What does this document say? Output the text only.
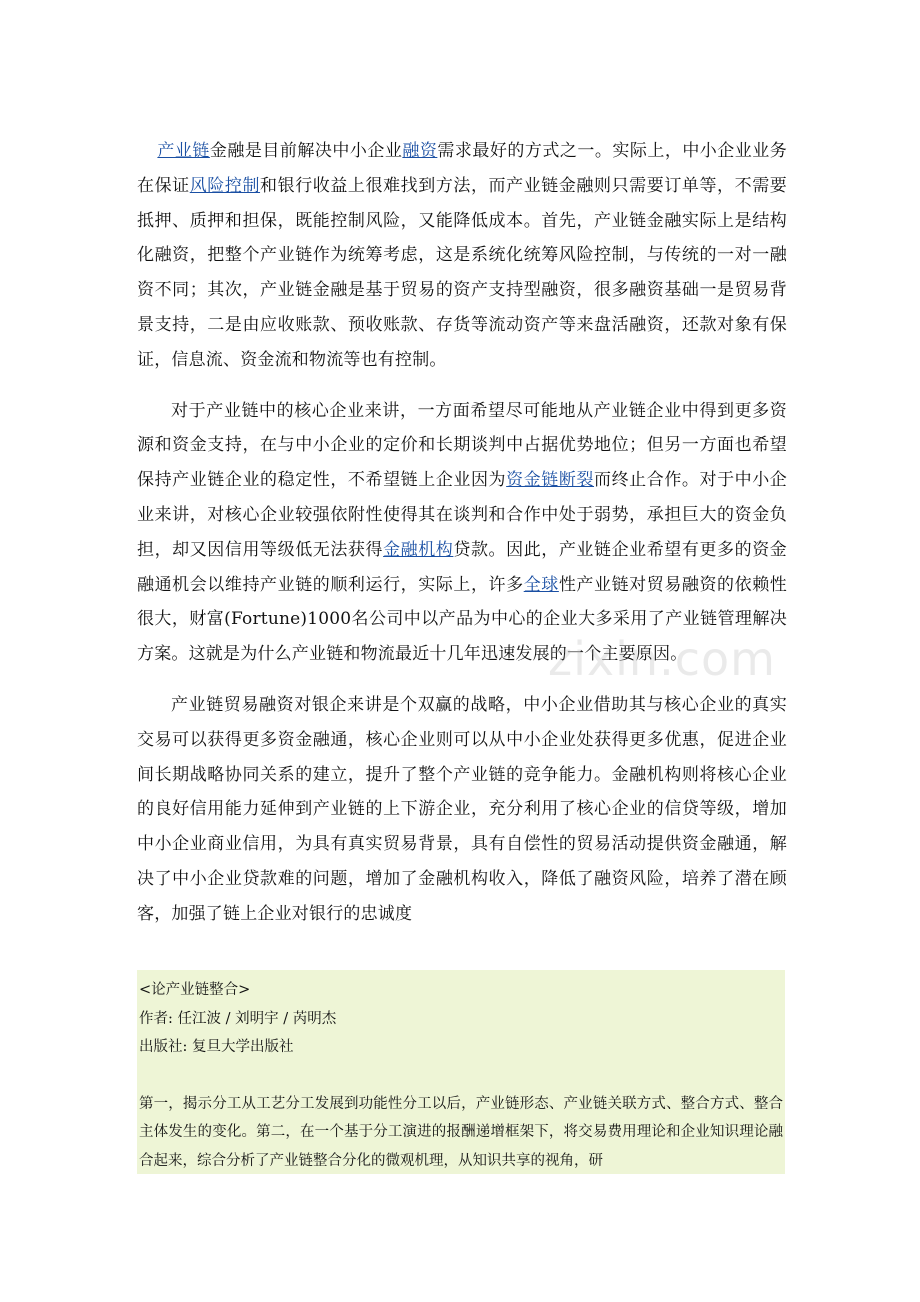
产业链金融是目前解决中小企业融资需求最好的方式之一。实际上，中小企业业务在保证风险控制和银行收益上很难找到方法，而产业链金融则只需要订单等，不需要抵押、质押和担保，既能控制风险，又能降低成本。首先，产业链金融实际上是结构化融资，把整个产业链作为统筹考虑，这是系统化统筹风险控制，与传统的一对一融资不同；其次，产业链金融是基于贸易的资产支持型融资，很多融资基础一是贸易背景支持，二是由应收账款、预收账款、存货等流动资产等来盘活融资，还款对象有保证，信息流、资金流和物流等也有控制。

对于产业链中的核心企业来讲，一方面希望尽可能地从产业链企业中得到更多资源和资金支持，在与中小企业的定价和长期谈判中占据优势地位；但另一方面也希望保持产业链企业的稳定性，不希望链上企业因为资金链断裂而终止合作。对于中小企业来讲，对核心企业较强依附性使得其在谈判和合作中处于弱势，承担巨大的资金负担，却又因信用等级低无法获得金融机构贷款。因此，产业链企业希望有更多的资金融通机会以维持产业链的顺利运行，实际上，许多全球性产业链对贸易融资的依赖性很大，财富(Fortune)1000名公司中以产品为中心的企业大多采用了产业链管理解决方案。这就是为什么产业链和物流最近十几年迅速发展的一个主要原因。

产业链贸易融资对银企来讲是个双赢的战略，中小企业借助其与核心企业的真实交易可以获得更多资金融通，核心企业则可以从中小企业处获得更多优惠，促进企业间长期战略协同关系的建立，提升了整个产业链的竞争能力。金融机构则将核心企业的良好信用能力延伸到产业链的上下游企业，充分利用了核心企业的信贷等级，增加中小企业商业信用，为具有真实贸易背景，具有自偿性的贸易活动提供资金融通，解决了中小企业贷款难的问题，增加了金融机构收入，降低了融资风险，培养了潜在顾客，加强了链上企业对银行的忠诚度

zixin.com
<论产业链整合>
作者: 任江波 / 刘明宇 / 芮明杰
出版社: 复旦大学出版社
第一，揭示分工从工艺分工发展到功能性分工以后，产业链形态、产业链关联方式、整合方式、整合主体发生的变化。第二，在一个基于分工演进的报酬递增框架下，将交易费用理论和企业知识理论融合起来，综合分析了产业链整合分化的微观机理，从知识共享的视角，研
